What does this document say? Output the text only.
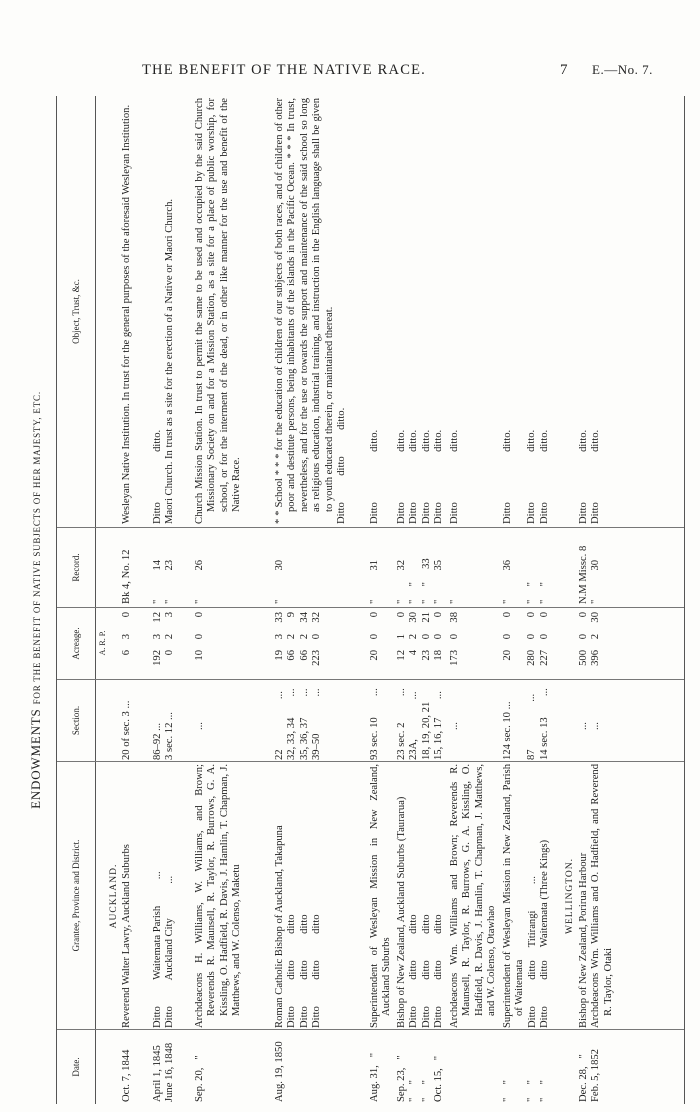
THE BENEFIT OF THE NATIVE RACE.	7 E.—No. 7.
ENDOWMENTS FOR THE BENEFIT OF NATIVE SUBJECTS OF HER MAJESTY, ETC.
Date.
Grantee, Province and District.
Section.
Acreage.
Record.
Object, Trust, &c.
A. R. P.
AUCKLAND.
Oct. 7, 1844
Reverend Walter Lawry, Auckland Suburbs
20 of sec. 3 ...
6
3
0
Bk 4, No. 12
Wesleyan Native Institution. In trust for the general purposes of the aforesaid Wesleyan Institution.
April 1, 1845 June 16, 1848
Ditto          Waitemata Parish          ... Ditto          Auckland City             ...
86–92 ... 3 sec. 12 ...
192 0
3 2
12 3
"           14 "           23
Ditto                   ditto. Maori Church. In trust as a site for the erection of a Native or Maori Church.
Sep. 20,   "
Archdeacons H. Williams, W. Williams, and Brown; Reverends R. Maunsell, R. Taylor, R. Burrows, G. A. Kissling, O. Hadfield, R. Davis, J. Hamlin, T. Chapman, J. Matthews, and W. Colenso, Maketu
...
10
0
0
"           26
Church Mission Station. In trust to permit the same to be used and occupied by the said Church Missionary Society on and for a Mission Station, as a site for a place of public worship, for school, or for the interment of the dead, or in other like manner for the use and benefit of the Native Race.
Aug. 19, 1850
Roman Catholic Bishop of Auckland, Takapuna Ditto          ditto          ditto Ditto          ditto          ditto Ditto          ditto          ditto
22                   ... 32, 33, 34        ... 35, 36, 37        ... 39–50              ...
19 66 66 223
3 2 2 0
33 9 34 32
"           30
* * School * * * for the education of children of our subjects of both races, and of children of other poor and destitute persons, being inhabitants of the islands in the Pacific Ocean. * * * In trust, nevertheless, and for the use or towards the support and maintenance of the said school so long as religious education, industrial training, and instruction in the English language shall be given to youth educated therein, or maintained thereat. Ditto          ditto          ditto.
Aug. 31,   "
Superintendent of Wesleyan Mission in New Zealand, Auckland Suburbs
93 sec. 10        ...
20
0
0
"           31
Ditto                   ditto.
Sep. 23,   " "     " "     " Oct. 15,   "
Bishop of New Zealand, Auckland Suburbs (Taurarua) Ditto          ditto          ditto Ditto          ditto          ditto Ditto          ditto          ditto
23 sec. 2          ... 23A,               ... 18, 19, 20, 21 15, 16, 17       ...
12 4 23 18
1 2 0 0
0 30 21 0
"           32 "     " "     "     33 "           35
Ditto                   ditto. Ditto                   ditto. Ditto                   ditto. Ditto                   ditto.
Archdeacons Wm. Williams and Brown; Reverends R. Maunsell, R. Taylor, R. Burrows, G. A. Kissling, O. Hadfield, R. Davis, J. Hamlin, T. Chapman, J. Matthews, and W. Colenso, Otawhao
...
173
0
38
"
Ditto                   ditto.
"     " "     " "     "
Superintendent of Wesleyan Mission in New Zealand, Parish of Waitemata Ditto          ditto     Titirangi          ... Ditto          ditto     Waitemata (Three Kings)
124 sec. 10 ... 87                  ... 14 sec. 13        ...
20 280 227
0 0 0
0 0 0
"           36 "     " "     "
Ditto                   ditto. Ditto                   ditto. Ditto                   ditto.
WELLINGTON.
Dec. 28,   " Feb. 5, 1852
Bishop of New Zealand, Porirua Harbour Archdeacons Wm. Williams and O. Hadfield, and Reverend R. Taylor, Otaki
... ...
500 396
0 2
0 30
N.M Missc. 8 "           30
Ditto                   ditto. Ditto                   ditto.
